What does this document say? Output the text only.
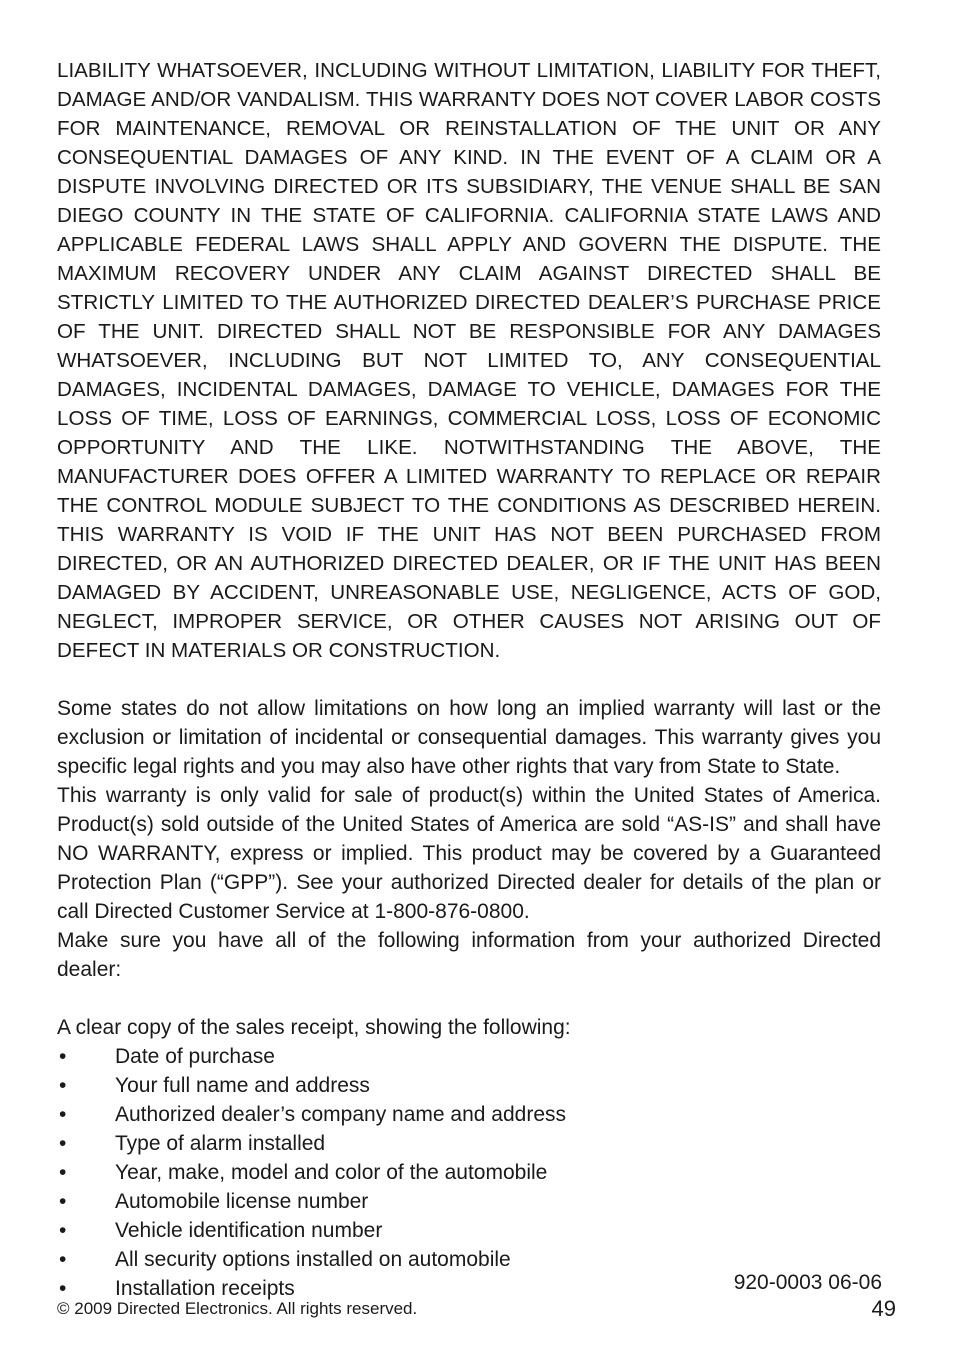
LIABILITY WHATSOEVER, INCLUDING WITHOUT LIMITATION, LIABILITY FOR THEFT, DAMAGE AND/OR VANDALISM. THIS WARRANTY DOES NOT COVER LABOR COSTS FOR MAINTENANCE, REMOVAL OR REINSTALLATION OF THE UNIT OR ANY CONSEQUENTIAL DAMAGES OF ANY KIND. IN THE EVENT OF A CLAIM OR A DISPUTE INVOLVING DIRECTED OR ITS SUBSIDIARY, THE VENUE SHALL BE SAN DIEGO COUNTY IN THE STATE OF CALIFORNIA. CALIFORNIA STATE LAWS AND APPLICABLE FEDERAL LAWS SHALL APPLY AND GOVERN THE DISPUTE. THE MAXIMUM RECOVERY UNDER ANY CLAIM AGAINST DIRECTED SHALL BE STRICTLY LIMITED TO THE AUTHORIZED DIRECTED DEALER’S PURCHASE PRICE OF THE UNIT. DIRECTED SHALL NOT BE RESPONSIBLE FOR ANY DAMAGES WHATSOEVER, INCLUDING BUT NOT LIMITED TO, ANY CONSEQUENTIAL DAMAGES, INCIDENTAL DAMAGES, DAMAGE TO VEHICLE, DAMAGES FOR THE LOSS OF TIME, LOSS OF EARNINGS, COMMERCIAL LOSS, LOSS OF ECONOMIC OPPORTUNITY AND THE LIKE. NOTWITHSTANDING THE ABOVE, THE MANUFACTURER DOES OFFER A LIMITED WARRANTY TO REPLACE OR REPAIR THE CONTROL MODULE SUBJECT TO THE CONDITIONS AS DESCRIBED HEREIN. THIS WARRANTY IS VOID IF THE UNIT HAS NOT BEEN PURCHASED FROM DIRECTED, OR AN AUTHORIZED DIRECTED DEALER, OR IF THE UNIT HAS BEEN DAMAGED BY ACCIDENT, UNREASONABLE USE, NEGLIGENCE, ACTS OF GOD, NEGLECT, IMPROPER SERVICE, OR OTHER CAUSES NOT ARISING OUT OF DEFECT IN MATERIALS OR CONSTRUCTION.

Some states do not allow limitations on how long an implied warranty will last or the exclusion or limitation of incidental or consequential damages. This warranty gives you specific legal rights and you may also have other rights that vary from State to State.

This warranty is only valid for sale of product(s) within the United States of America. Product(s) sold outside of the United States of America are sold “AS-IS” and shall have NO WARRANTY, express or implied. This product may be covered by a Guaranteed Protection Plan (“GPP”). See your authorized Directed dealer for details of the plan or call Directed Customer Service at 1-800-876-0800.

Make sure you have all of the following information from your authorized Directed dealer:

A clear copy of the sales receipt, showing the following:

• Date of purchase
• Your full name and address
• Authorized dealer’s company name and address
• Type of alarm installed
• Year, make, model and color of the automobile
• Automobile license number
• Vehicle identification number
• All security options installed on automobile
• Installation receipts	920-0003 06-06
© 2009 Directed Electronics. All rights reserved.	49
